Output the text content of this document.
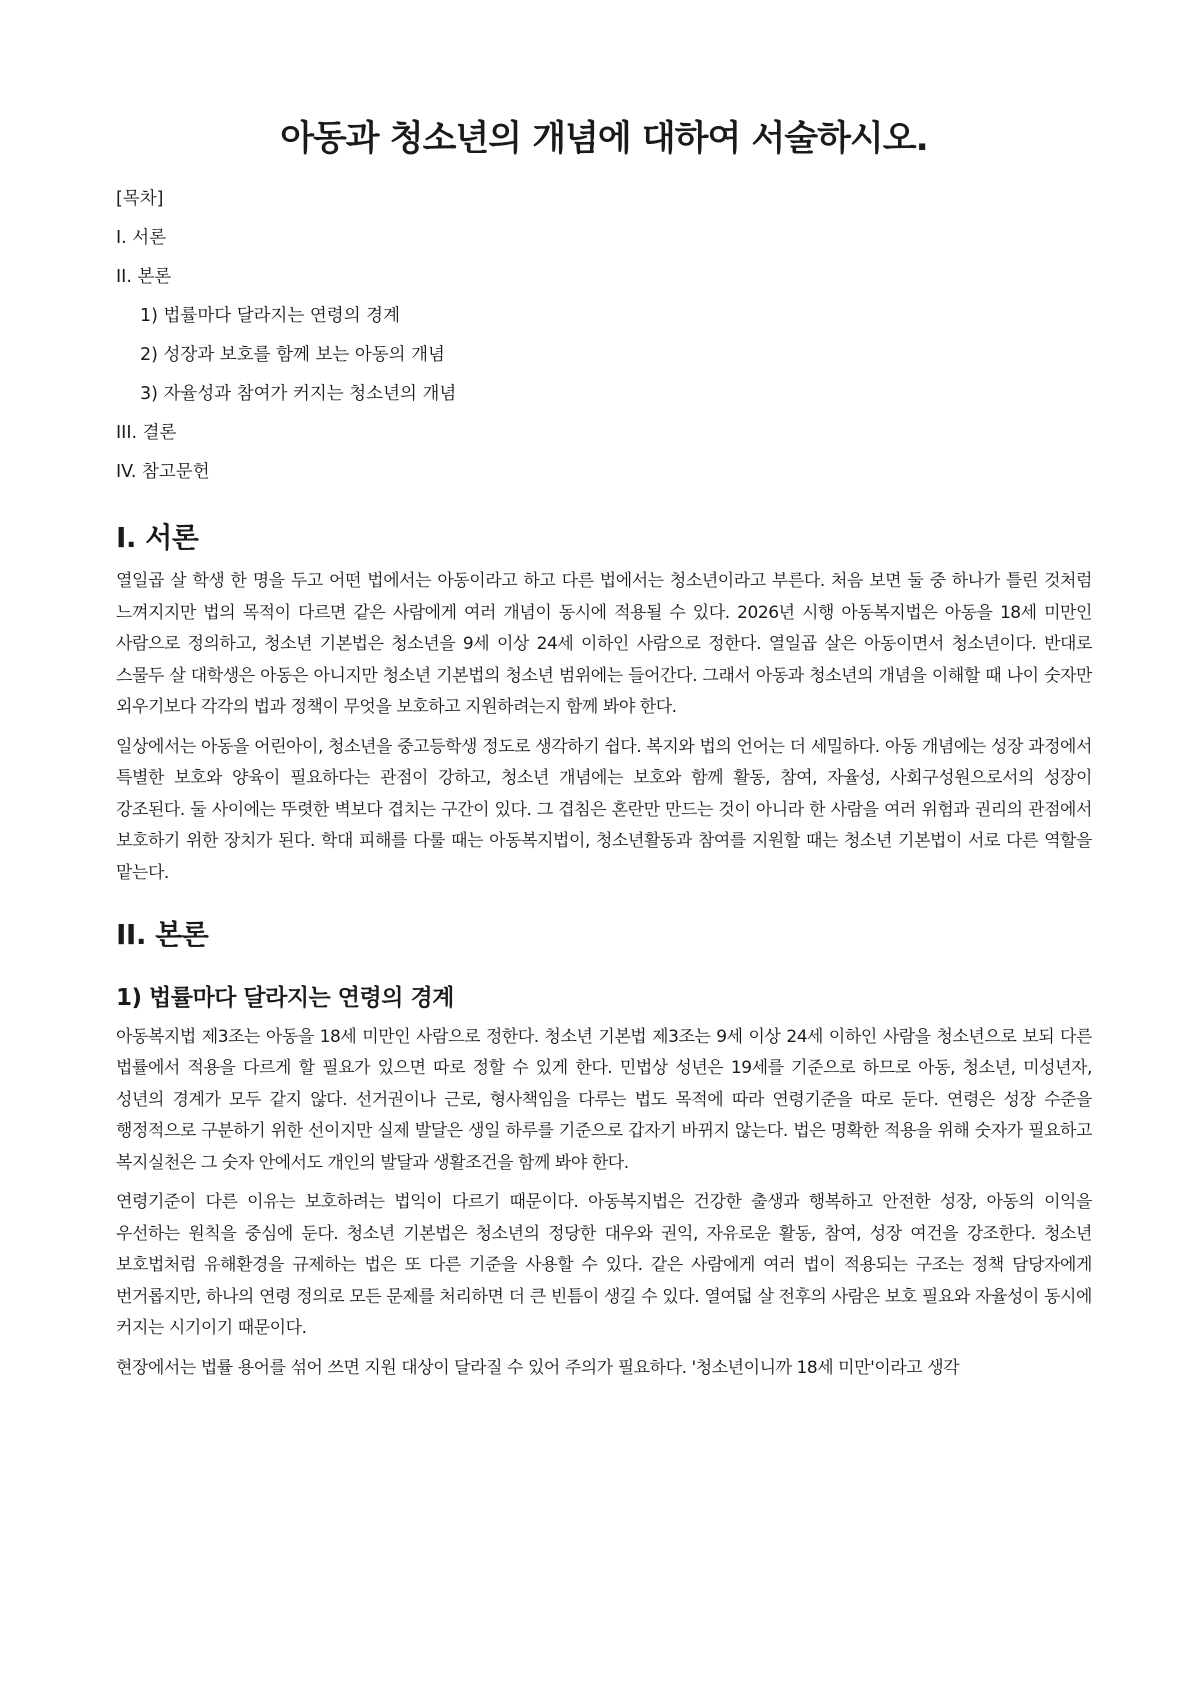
아동과 청소년의 개념에 대하여 서술하시오.

[목차]

I. 서론

II. 본론

1) 법률마다 달라지는 연령의 경계

2) 성장과 보호를 함께 보는 아동의 개념

3) 자율성과 참여가 커지는 청소년의 개념

III. 결론

IV. 참고문헌

I. 서론

열일곱 살 학생 한 명을 두고 어떤 법에서는 아동이라고 하고 다른 법에서는 청소년이라고 부른다. 처음 보면 둘 중 하나가 틀린 것처럼 느껴지지만 법의 목적이 다르면 같은 사람에게 여러 개념이 동시에 적용될 수 있다. 2026년 시행 아동복지법은 아동을 18세 미만인 사람으로 정의하고, 청소년 기본법은 청소년을 9세 이상 24세 이하인 사람으로 정한다. 열일곱 살은 아동이면서 청소년이다. 반대로 스물두 살 대학생은 아동은 아니지만 청소년 기본법의 청소년 범위에는 들어간다. 그래서 아동과 청소년의 개념을 이해할 때 나이 숫자만 외우기보다 각각의 법과 정책이 무엇을 보호하고 지원하려는지 함께 봐야 한다.

일상에서는 아동을 어린아이, 청소년을 중고등학생 정도로 생각하기 쉽다. 복지와 법의 언어는 더 세밀하다. 아동 개념에는 성장 과정에서 특별한 보호와 양육이 필요하다는 관점이 강하고, 청소년 개념에는 보호와 함께 활동, 참여, 자율성, 사회구성원으로서의 성장이 강조된다. 둘 사이에는 뚜렷한 벽보다 겹치는 구간이 있다. 그 겹침은 혼란만 만드는 것이 아니라 한 사람을 여러 위험과 권리의 관점에서 보호하기 위한 장치가 된다. 학대 피해를 다룰 때는 아동복지법이, 청소년활동과 참여를 지원할 때는 청소년 기본법이 서로 다른 역할을 맡는다.

II. 본론
1) 법률마다 달라지는 연령의 경계

아동복지법 제3조는 아동을 18세 미만인 사람으로 정한다. 청소년 기본법 제3조는 9세 이상 24세 이하인 사람을 청소년으로 보되 다른 법률에서 적용을 다르게 할 필요가 있으면 따로 정할 수 있게 한다. 민법상 성년은 19세를 기준으로 하므로 아동, 청소년, 미성년자, 성년의 경계가 모두 같지 않다. 선거권이나 근로, 형사책임을 다루는 법도 목적에 따라 연령기준을 따로 둔다. 연령은 성장 수준을 행정적으로 구분하기 위한 선이지만 실제 발달은 생일 하루를 기준으로 갑자기 바뀌지 않는다. 법은 명확한 적용을 위해 숫자가 필요하고 복지실천은 그 숫자 안에서도 개인의 발달과 생활조건을 함께 봐야 한다.

연령기준이 다른 이유는 보호하려는 법익이 다르기 때문이다. 아동복지법은 건강한 출생과 행복하고 안전한 성장, 아동의 이익을 우선하는 원칙을 중심에 둔다. 청소년 기본법은 청소년의 정당한 대우와 권익, 자유로운 활동, 참여, 성장 여건을 강조한다. 청소년 보호법처럼 유해환경을 규제하는 법은 또 다른 기준을 사용할 수 있다. 같은 사람에게 여러 법이 적용되는 구조는 정책 담당자에게 번거롭지만, 하나의 연령 정의로 모든 문제를 처리하면 더 큰 빈틈이 생길 수 있다. 열여덟 살 전후의 사람은 보호 필요와 자율성이 동시에 커지는 시기이기 때문이다.

현장에서는 법률 용어를 섞어 쓰면 지원 대상이 달라질 수 있어 주의가 필요하다. '청소년이니까 18세 미만'이라고 생각
